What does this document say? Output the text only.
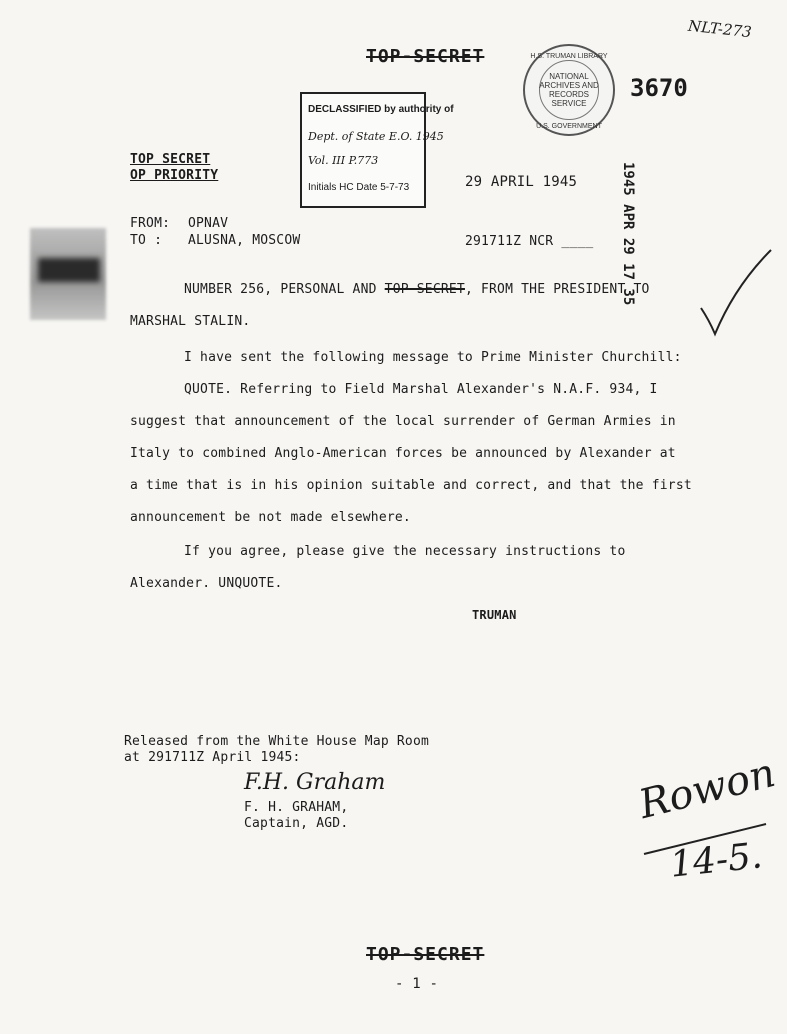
NLT-273
TOP-SECRET	H.S. TRUMAN LIBRARY
NATIONAL
ARCHIVES AND
RECORDS
SERVICE
U.S. GOVERNMENT
3670
DECLASSIFIED by authority of
Dept. of State E.O. 1945
Vol. III P.773
Initials HC Date 5-7-73
TOP SECRET
OP PRIORITY	29 APRIL 1945	1945 APR 29 17 35
FROM: OPNAV
TO : ALUSNA, MOSCOW	291711Z NCR ____
NUMBER 256, PERSONAL AND TOP SECRET, FROM THE PRESIDENT TO
MARSHAL STALIN.
I have sent the following message to Prime Minister Churchill:
QUOTE. Referring to Field Marshal Alexander's N.A.F. 934, I
suggest that announcement of the local surrender of German Armies in
Italy to combined Anglo-American forces be announced by Alexander at
a time that is in his opinion suitable and correct, and that the first
announcement be not made elsewhere.
If you agree, please give the necessary instructions to
Alexander. UNQUOTE.
TRUMAN
Released from the White House Map Room
at 291711Z April 1945:
F.H. Graham
F. H. GRAHAM,
Captain, AGD.	Rowon
14-5.
TOP-SECRET
- 1 -
